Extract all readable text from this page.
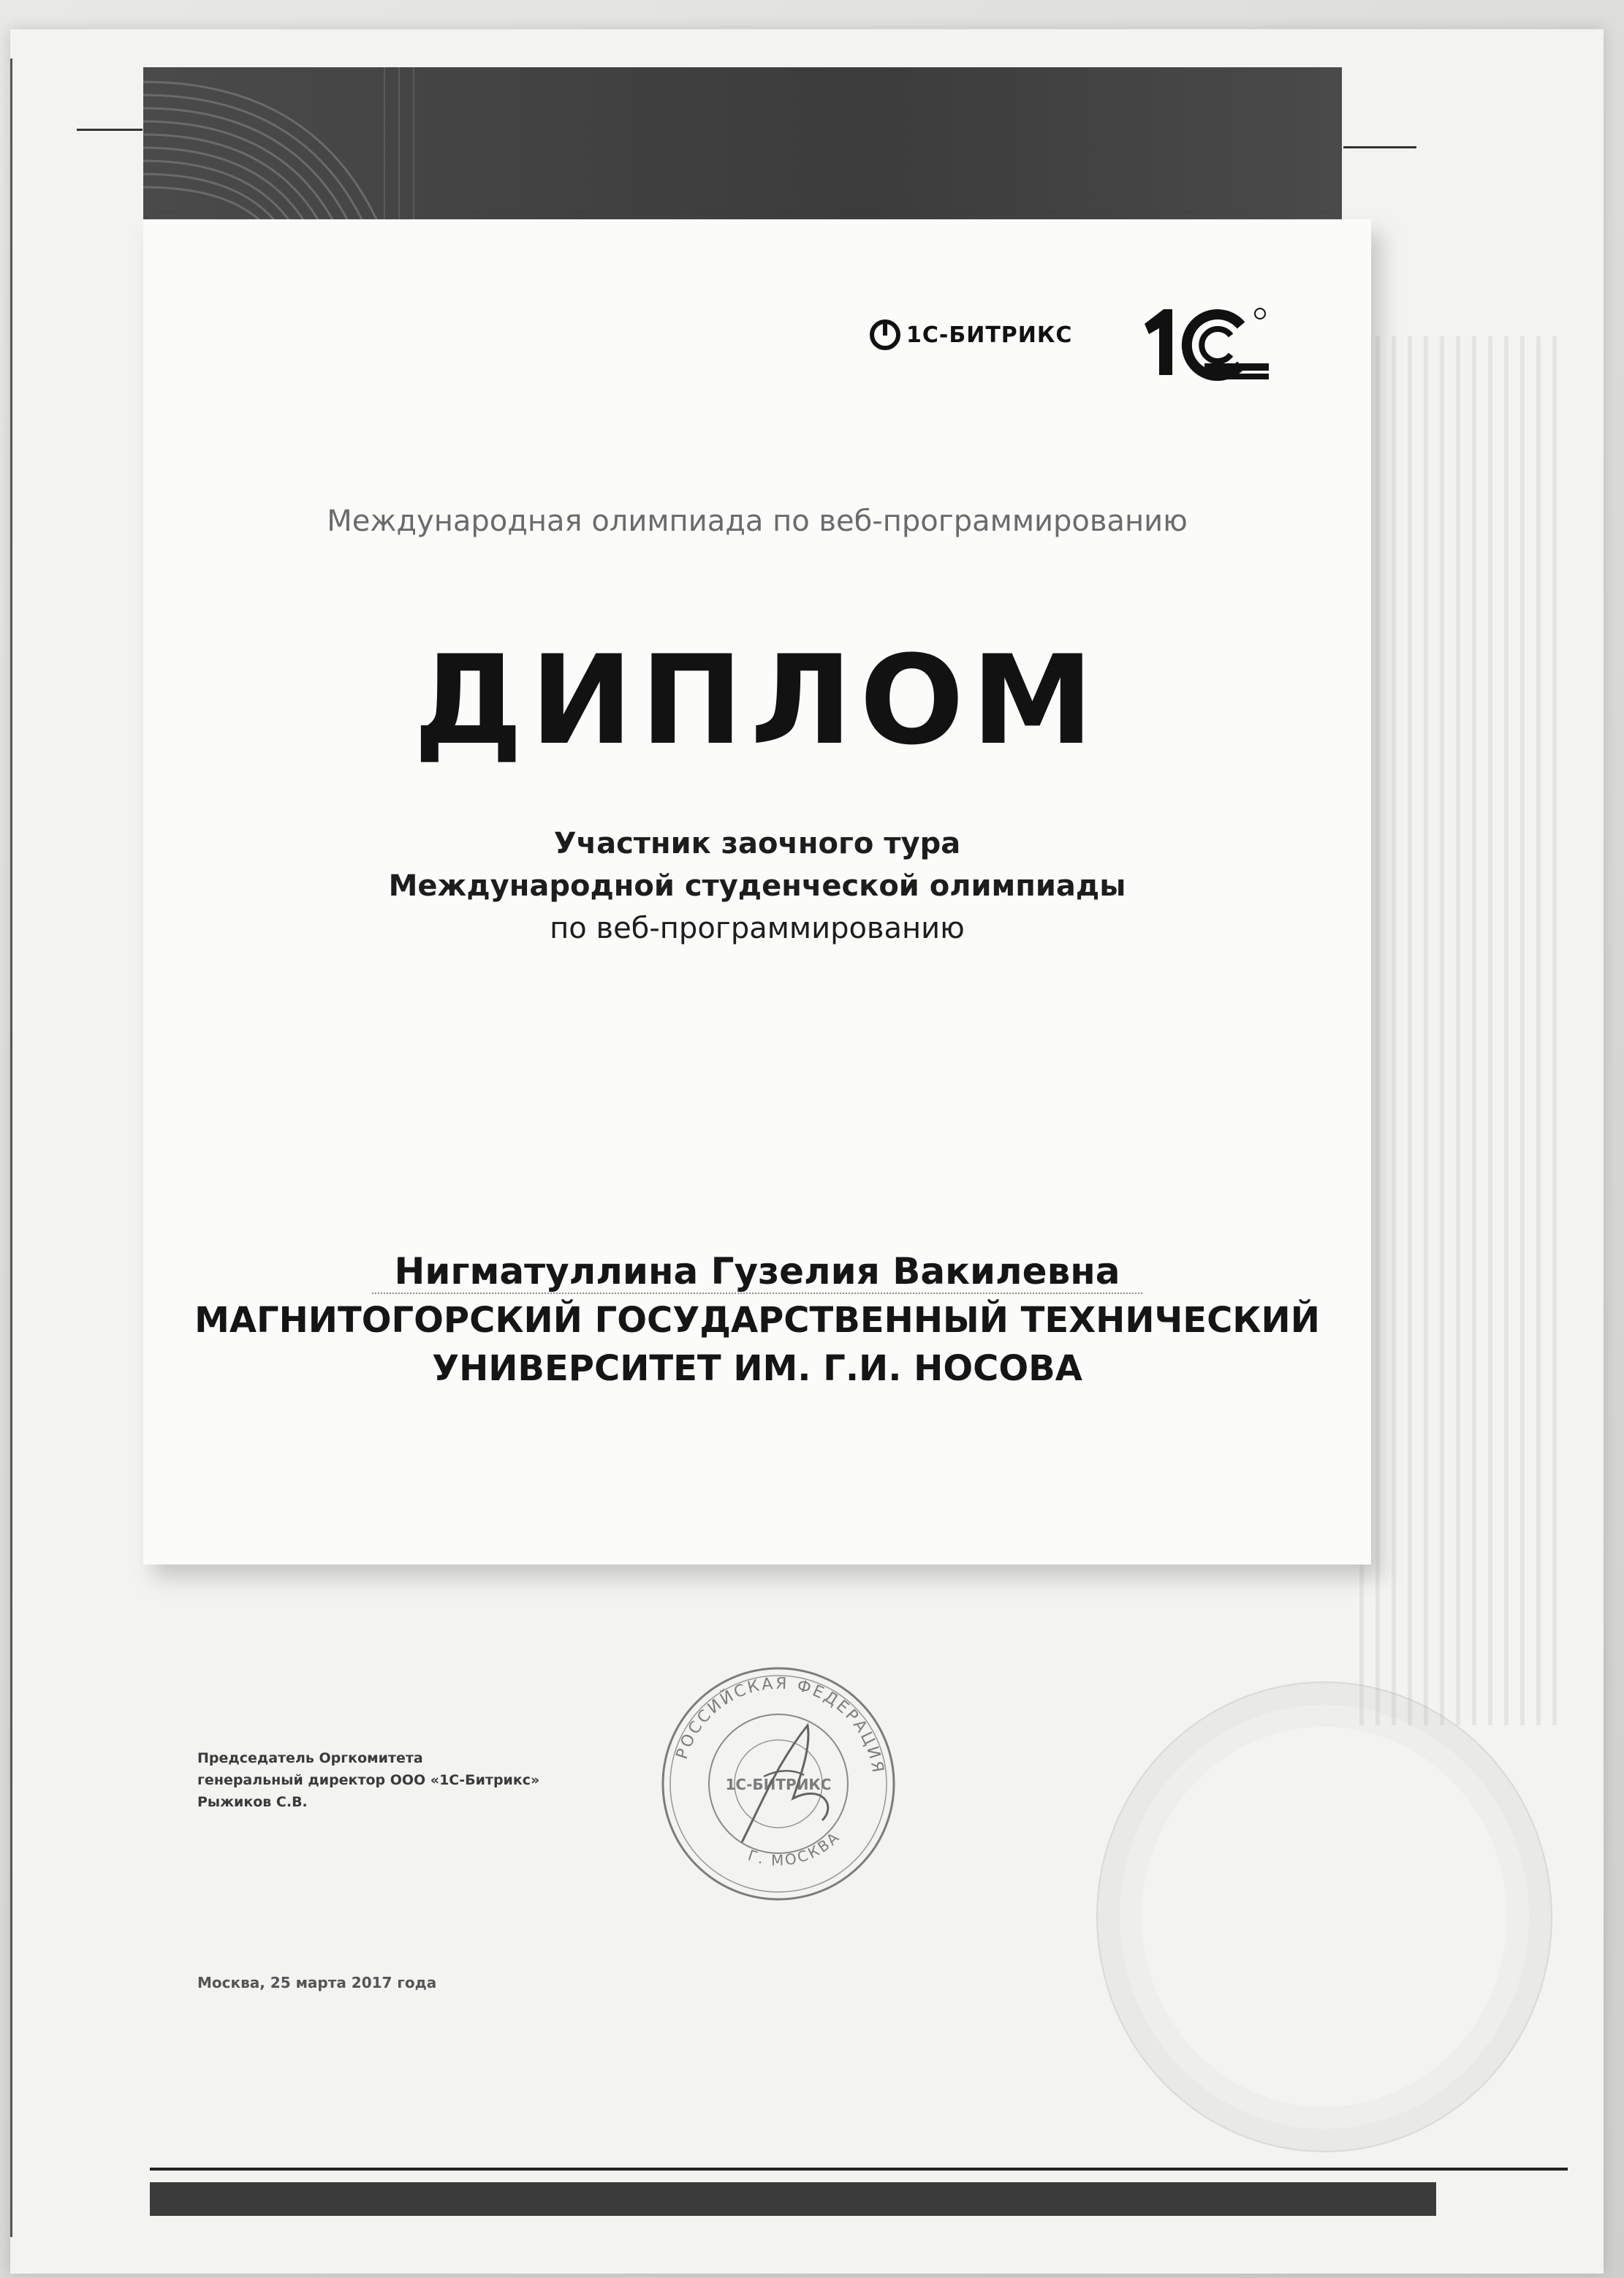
1С-БИТРИКС
Международная олимпиада по веб-программированию
ДИПЛОМ
Участник заочного тура
Международной студенческой олимпиады
по веб-программированию
Нигматуллина Гузелия Вакилевна
МАГНИТОГОРСКИЙ ГОСУДАРСТВЕННЫЙ ТЕХНИЧЕСКИЙ
УНИВЕРСИТЕТ ИМ. Г.И. НОСОВА
Председатель Оргкомитета
генеральный директор ООО «1С-Битрикс»
Рыжиков С.В.
РОССИЙСКАЯ ФЕДЕРАЦИЯ
Г. МОСКВА
1С-БИТРИКС
Москва, 25 марта 2017 года
